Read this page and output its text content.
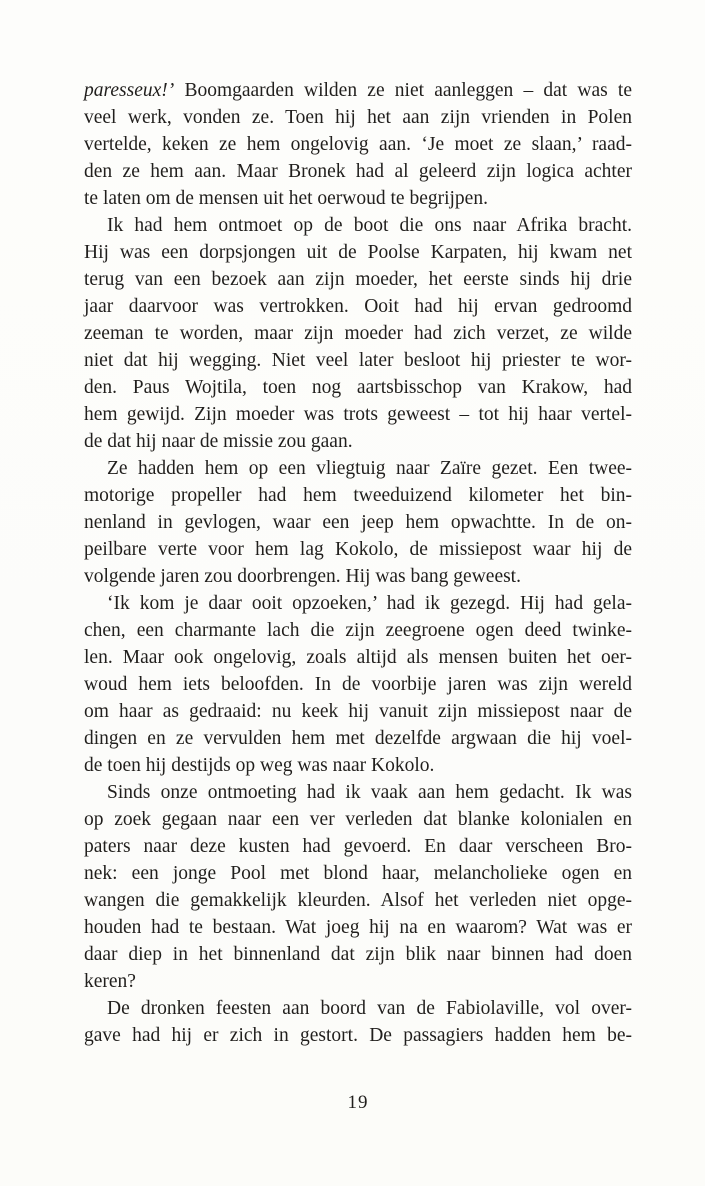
paresseux!’ Boomgaarden wilden ze niet aanleggen – dat was te
veel werk, vonden ze. Toen hij het aan zijn vrienden in Polen
vertelde, keken ze hem ongelovig aan. ‘Je moet ze slaan,’ raad-
den ze hem aan. Maar Bronek had al geleerd zijn logica achter
te laten om de mensen uit het oerwoud te begrijpen.
Ik had hem ontmoet op de boot die ons naar Afrika bracht.
Hij was een dorpsjongen uit de Poolse Karpaten, hij kwam net
terug van een bezoek aan zijn moeder, het eerste sinds hij drie
jaar daarvoor was vertrokken. Ooit had hij ervan gedroomd
zeeman te worden, maar zijn moeder had zich verzet, ze wilde
niet dat hij wegging. Niet veel later besloot hij priester te wor-
den. Paus Wojtila, toen nog aartsbisschop van Krakow, had
hem gewijd. Zijn moeder was trots geweest – tot hij haar vertel-
de dat hij naar de missie zou gaan.
Ze hadden hem op een vliegtuig naar Zaïre gezet. Een twee-
motorige propeller had hem tweeduizend kilometer het bin-
nenland in gevlogen, waar een jeep hem opwachtte. In de on-
peilbare verte voor hem lag Kokolo, de missiepost waar hij de
volgende jaren zou doorbrengen. Hij was bang geweest.
‘Ik kom je daar ooit opzoeken,’ had ik gezegd. Hij had gela-
chen, een charmante lach die zijn zeegroene ogen deed twinke-
len. Maar ook ongelovig, zoals altijd als mensen buiten het oer-
woud hem iets beloofden. In de voorbije jaren was zijn wereld
om haar as gedraaid: nu keek hij vanuit zijn missiepost naar de
dingen en ze vervulden hem met dezelfde argwaan die hij voel-
de toen hij destijds op weg was naar Kokolo.
Sinds onze ontmoeting had ik vaak aan hem gedacht. Ik was
op zoek gegaan naar een ver verleden dat blanke kolonialen en
paters naar deze kusten had gevoerd. En daar verscheen Bro-
nek: een jonge Pool met blond haar, melancholieke ogen en
wangen die gemakkelijk kleurden. Alsof het verleden niet opge-
houden had te bestaan. Wat joeg hij na en waarom? Wat was er
daar diep in het binnenland dat zijn blik naar binnen had doen
keren?
De dronken feesten aan boord van de Fabiolaville, vol over-
gave had hij er zich in gestort. De passagiers hadden hem be-
19
